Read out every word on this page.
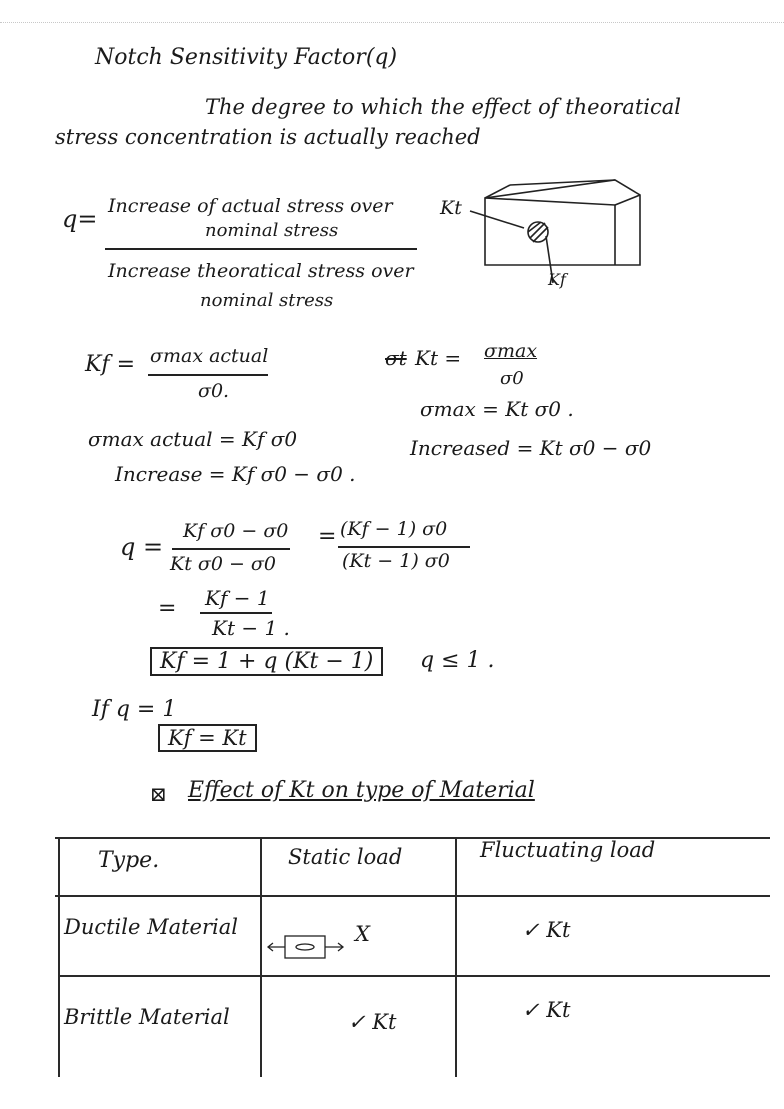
Notch Sensitivity Factor(q)
The degree to which the effect of theoratical
stress concentration is actually reached
q= Increase of actual stress over
nominal stress
Increase theoratical stress over
nominal stress
Kt
Kf
Kf = σmax actual
σ0.
σt Kt = σmax
σ0
σmax actual = Kf σ0
Increase = Kf σ0 − σ0 .
σmax = Kt σ0 .
Increased = Kt σ0 − σ0
q =
Kf σ0 − σ0
Kt σ0 − σ0
= (Kf − 1) σ0
(Kt − 1) σ0
= Kf − 1
Kt − 1 .
Kf = 1 + q (Kt − 1)	q ≤ 1 .
If q = 1
Kf = Kt
⊠ Effect of Kt on type of Material
Type.	Static load	Fluctuating load
Ductile Material	X	✓ Kt
Brittle Material	✓ Kt	✓ Kt
